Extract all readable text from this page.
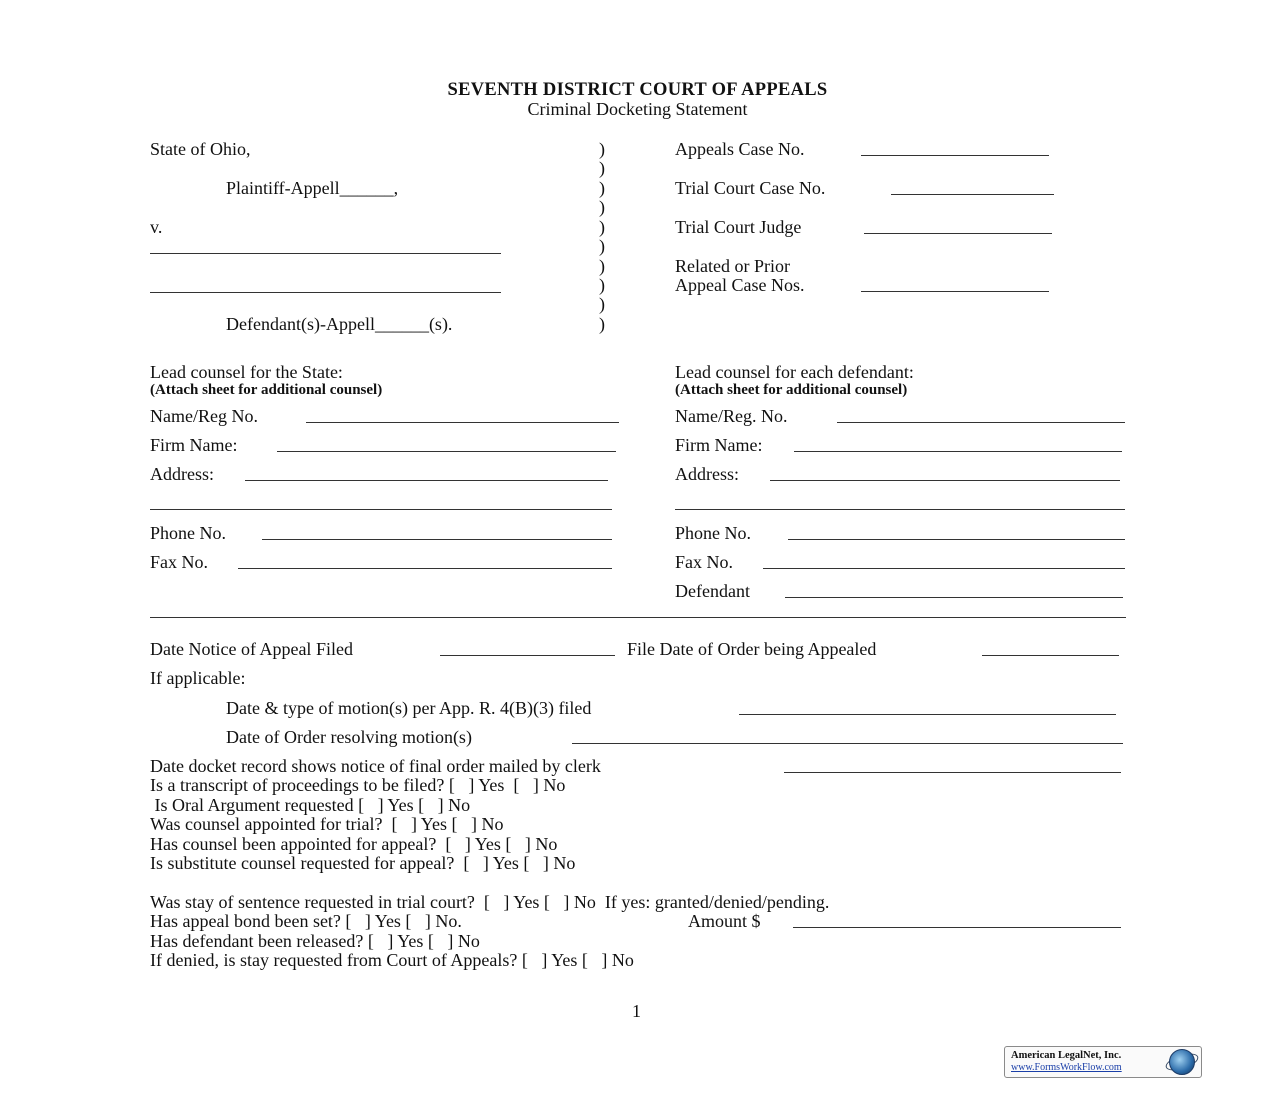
SEVENTH DISTRICT COURT OF APPEALS
Criminal Docketing Statement
State of Ohio,
Plaintiff-Appell______,
v.
Defendant(s)-Appell______(s).
)
)
)
)
)
)
)
)
)
)
Appeals Case No.
Trial Court Case No.
Trial Court Judge
Related or Prior
Appeal Case Nos.
Lead counsel for the State:
(Attach sheet for additional counsel)
Name/Reg No.
Firm Name:
Address:
Phone No.
Fax No.
Lead counsel for each defendant:
(Attach sheet for additional counsel)
Name/Reg. No.
Firm Name:
Address:
Phone No.
Fax No.
Defendant
Date Notice of Appeal Filed	File Date of Order being Appealed
If applicable:
Date & type of motion(s) per App. R. 4(B)(3) filed
Date of Order resolving motion(s)
Date docket record shows notice of final order mailed by clerk
Is a transcript of proceedings to be filed? [   ] Yes  [   ] No
Is Oral Argument requested [   ] Yes [   ] No
Was counsel appointed for trial?  [   ] Yes [   ] No
Has counsel been appointed for appeal?  [   ] Yes [   ] No
Is substitute counsel requested for appeal?  [   ] Yes [   ] No
Was stay of sentence requested in trial court?  [   ] Yes [   ] No  If yes: granted/denied/pending.
Has appeal bond been set? [   ] Yes [   ] No.	Amount $
Has defendant been released? [   ] Yes [   ] No
If denied, is stay requested from Court of Appeals? [   ] Yes [   ] No
1
American LegalNet, Inc.
www.FormsWorkFlow.com
